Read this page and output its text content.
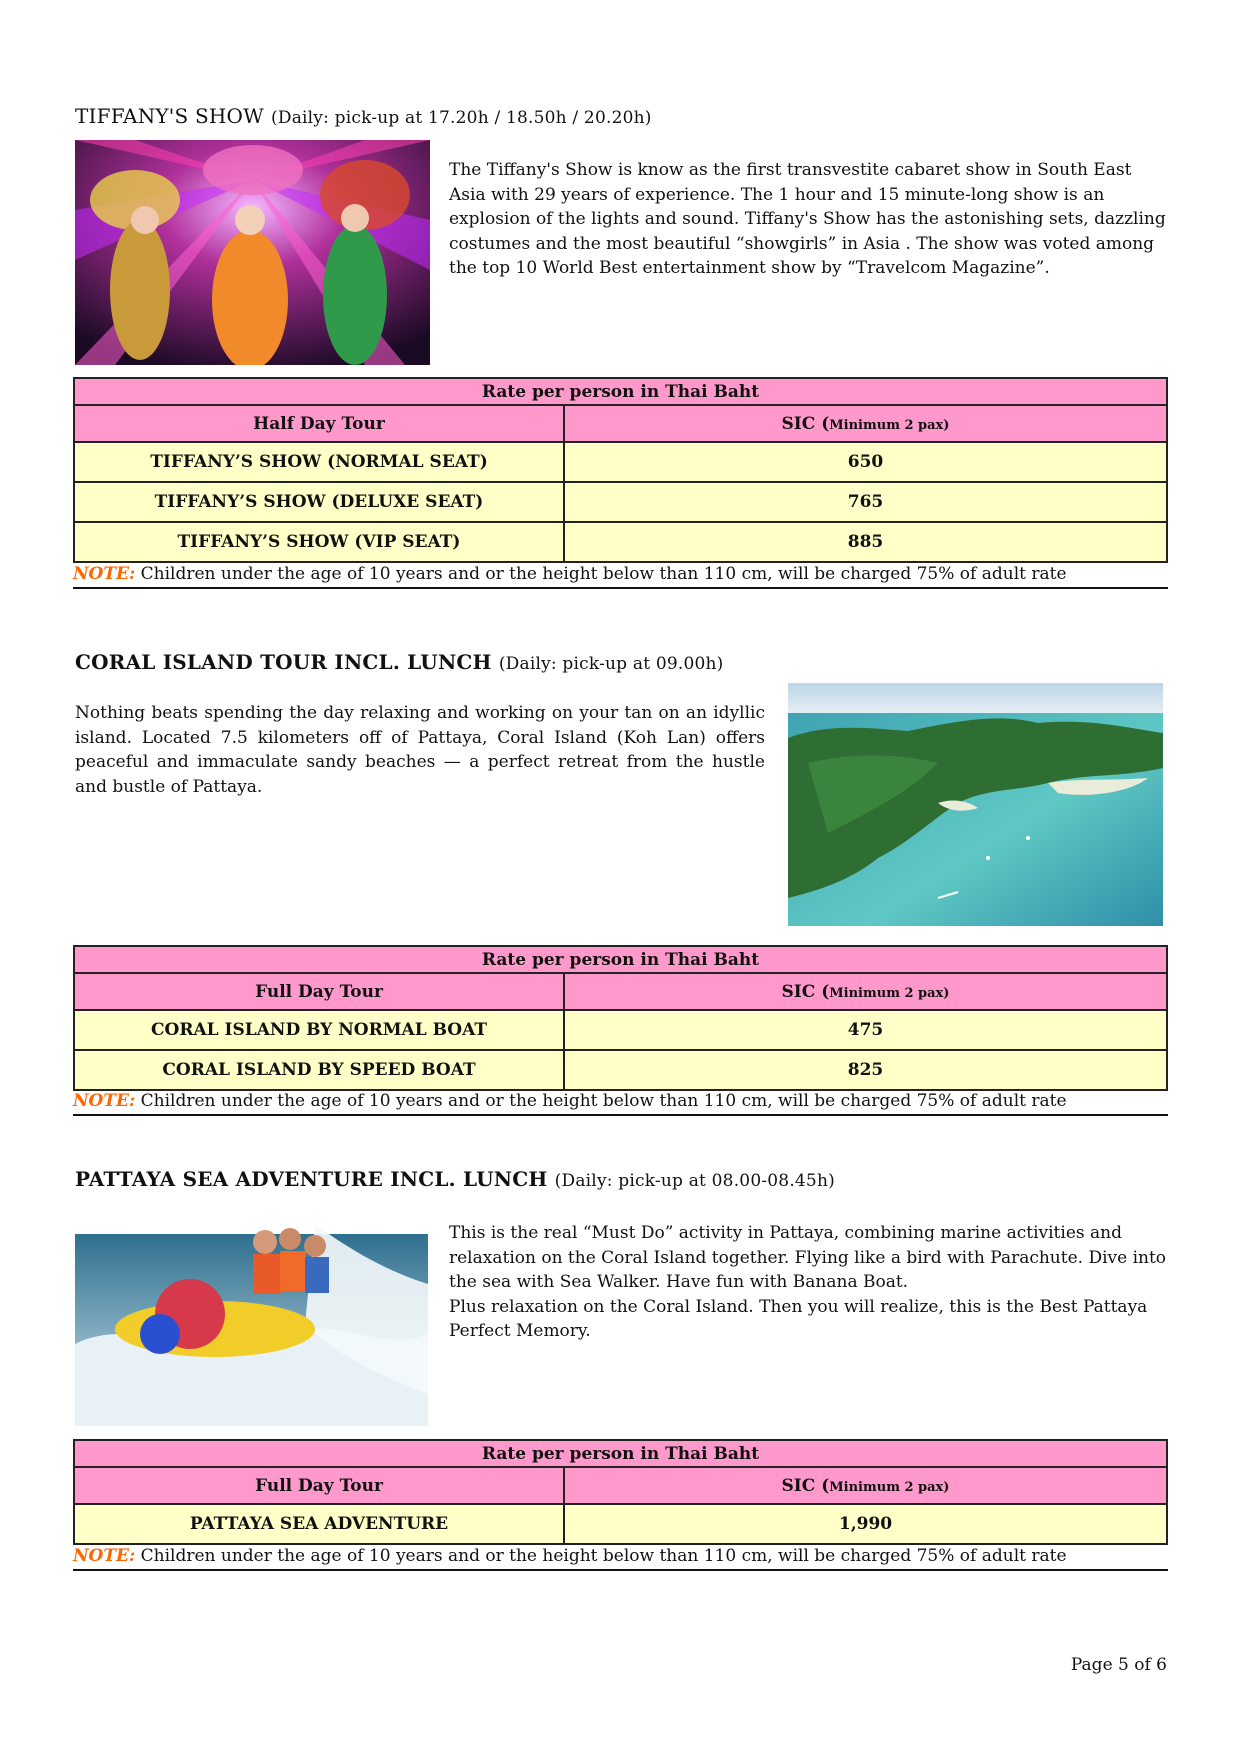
TIFFANY'S SHOW (Daily: pick-up at 17.20h / 18.50h / 20.20h)
The Tiffany's Show is know as the first transvestite cabaret show in South East Asia with 29 years of experience. The 1 hour and 15 minute-long show is an explosion of the lights and sound. Tiffany's Show has the astonishing sets, dazzling costumes and the most beautiful “showgirls” in Asia . The show was voted among the top 10 World Best entertainment show by “Travelcom Magazine”.
Rate per person in Thai Baht	
Half Day Tour	SIC (Minimum 2 pax)
TIFFANY’S SHOW (NORMAL SEAT)	650
TIFFANY’S SHOW (DELUXE SEAT)	765
TIFFANY’S SHOW (VIP SEAT)	885
NOTE: Children under the age of 10 years and or the height below than 110 cm, will be charged 75% of adult rate
CORAL ISLAND TOUR INCL. LUNCH (Daily: pick-up at 09.00h)
Nothing beats spending the day relaxing and working on your tan on an idyllic island. Located 7.5 kilometers off of Pattaya, Coral Island (Koh Lan) offers peaceful and immaculate sandy beaches — a perfect retreat from the hustle and bustle of Pattaya.
Rate per person in Thai Baht	
Full Day Tour	SIC (Minimum 2 pax)
CORAL ISLAND BY NORMAL BOAT	475
CORAL ISLAND BY SPEED BOAT	825
NOTE: Children under the age of 10 years and or the height below than 110 cm, will be charged 75% of adult rate
PATTAYA SEA ADVENTURE INCL. LUNCH (Daily: pick-up at 08.00-08.45h)
This is the real “Must Do” activity in Pattaya, combining marine activities and relaxation on the Coral Island together. Flying like a bird with Parachute. Dive into the sea with Sea Walker. Have fun with Banana Boat.
Plus relaxation on the Coral Island. Then you will realize, this is the Best Pattaya Perfect Memory.
Rate per person in Thai Baht	
Full Day Tour	SIC (Minimum 2 pax)
PATTAYA SEA ADVENTURE	1,990
NOTE: Children under the age of 10 years and or the height below than 110 cm, will be charged 75% of adult rate
Page 5 of 6
